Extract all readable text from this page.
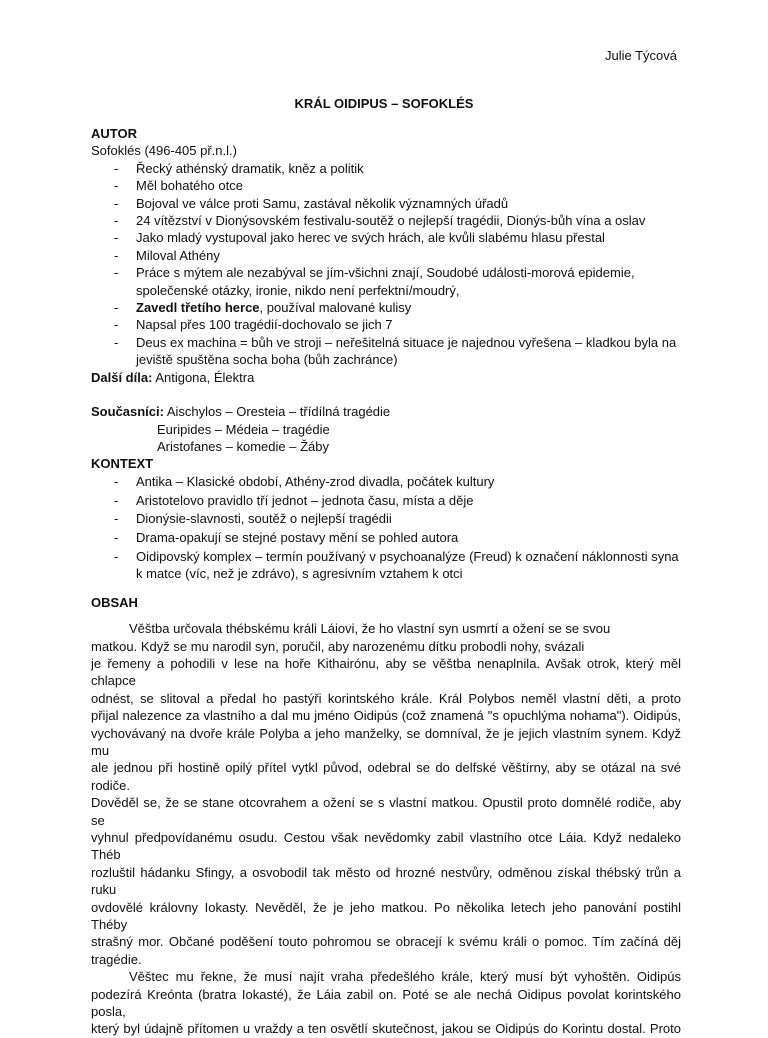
Julie Týcová
KRÁL OIDIPUS – SOFOKLÉS
AUTOR
Sofoklés (496-405 př.n.l.)
- Řecký athénský dramatik, kněz a politik
- Měl bohatého otce
- Bojoval ve válce proti Samu, zastával několik významných úřadů
- 24 vítězství v Dionýsovském festivalu-soutěž o nejlepší tragédii, Dionýs-bůh vína a oslav
- Jako mladý vystupoval jako herec ve svých hrách, ale kvůli slabému hlasu přestal
- Miloval Athény
- Práce s mýtem ale nezabýval se jím-všichni znají, Soudobé události-morová epidemie,
společenské otázky, ironie, nikdo není perfektní/moudrý,
- Zavedl třetího herce, používal malované kulisy
- Napsal přes 100 tragédií-dochovalo se jich 7
- Deus ex machina = bůh ve stroji – neřešitelná situace je najednou vyřešena – kladkou byla na
jeviště spuštěna socha boha (bůh zachránce)
Další díla: Antigona, Élektra
Současníci: Aischylos – Oresteia – třídílná tragédie
Euripides – Médeia – tragédie
Aristofanes – komedie – Žáby
KONTEXT
- Antika – Klasické období, Athény-zrod divadla, počátek kultury
- Aristotelovo pravidlo tří jednot – jednota času, místa a děje
- Dionýsie-slavnosti, soutěž o nejlepší tragédii
- Drama-opakují se stejné postavy mění se pohled autora
- Oidipovský komplex – termín používaný v psychoanalýze (Freud) k označení náklonnosti syna
k matce (víc, než je zdrávo), s agresivním vztahem k otci
OBSAH
Věštba určovala thébskému králi Láiovi, že ho vlastní syn usmrtí a ožení se se svou
matkou. Když se mu narodil syn, poručil, aby narozenému dítku probodli nohy, svázali
je řemeny a pohodili v lese na hoře Kithairónu, aby se věštba nenaplnila. Avšak otrok, který měl chlapce
odnést, se slitoval a předal ho pastýři korintského krále. Král Polybos neměl vlastní děti, a proto
přijal nalezence za vlastního a dal mu jméno Oidipús (což znamená "s opuchlýma nohama"). Oidipús,
vychovávaný na dvoře krále Polyba a jeho manželky, se domníval, že je jejich vlastním synem. Když mu
ale jednou při hostině opilý přítel vytkl původ, odebral se do delfské věštírny, aby se otázal na své rodiče.
Dověděl se, že se stane otcovrahem a ožení se s vlastní matkou. Opustil proto domnělé rodiče, aby se
vyhnul předpovídanému osudu. Cestou však nevědomky zabil vlastního otce Láia. Když nedaleko Théb
rozluštil hádanku Sfingy, a osvobodil tak město od hrozné nestvůry, odměnou získal thébský trůn a ruku
ovdovělé královny Iokasty. Nevěděl, že je jeho matkou. Po několika letech jeho panování postihl Théby
strašný mor. Občané poděšení touto pohromou se obracejí k svému králi o pomoc. Tím začíná děj
tragédie.
Věštec mu řekne, že musí najít vraha předešlého krále, který musí být vyhoštěn. Oidipús
podezírá Kreónta (bratra Iokasté), že Láia zabil on. Poté se ale nechá Oidipus povolat korintského posla,
který byl údajně přítomen u vraždy a ten osvětlí skutečnost, jakou se Oidipús do Korintu dostal. Proto
